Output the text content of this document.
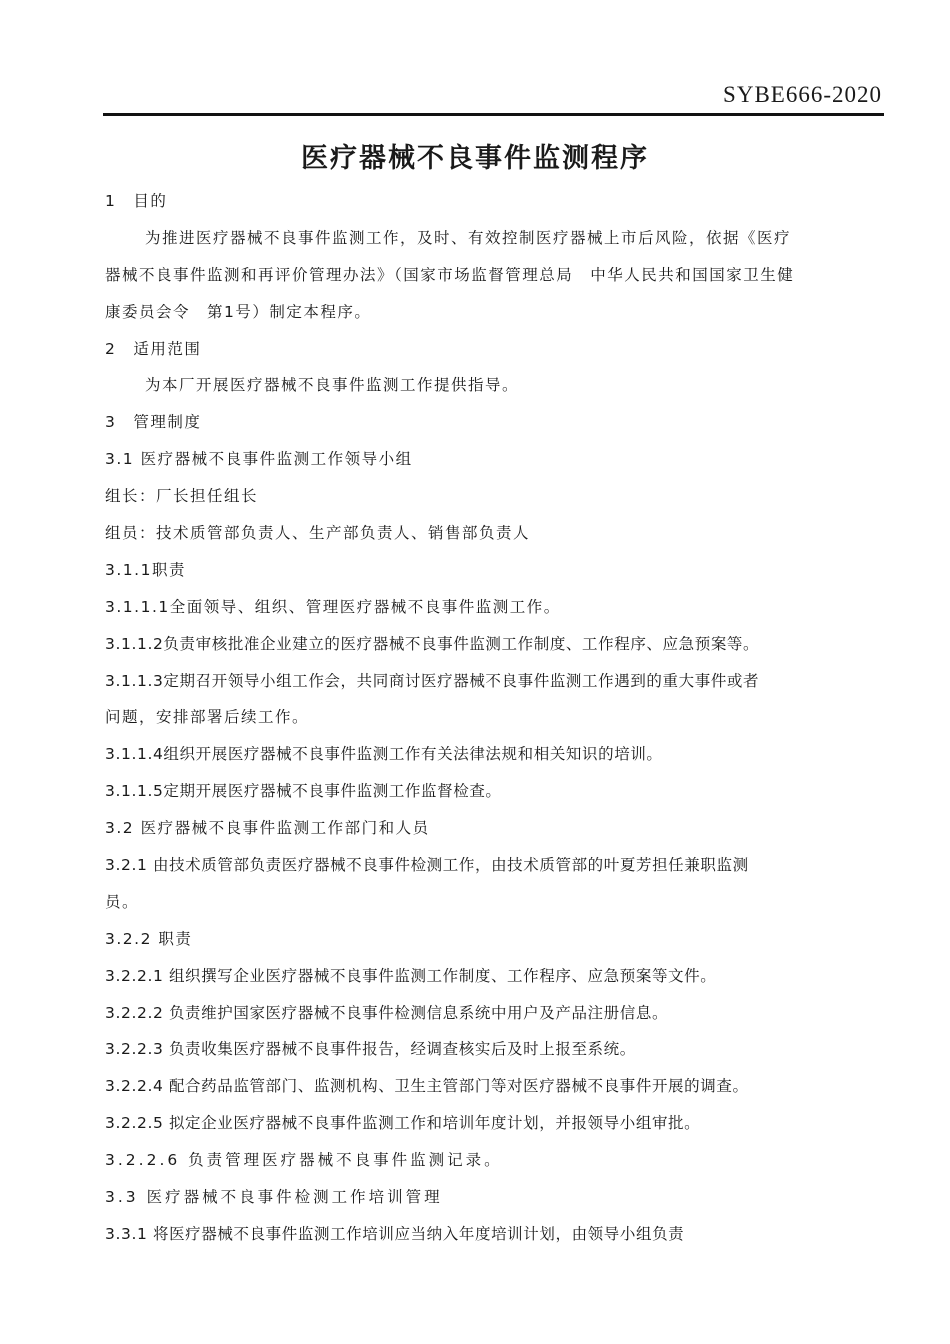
SYBE666-2020
医疗器械不良事件监测程序
1　目的
为推进医疗器械不良事件监测工作，及时、有效控制医疗器械上市后风险，依据《医疗
器械不良事件监测和再评价管理办法》（国家市场监督管理总局　中华人民共和国国家卫生健
康委员会令　第1号）制定本程序。
2　适用范围
为本厂开展医疗器械不良事件监测工作提供指导。
3　管理制度
3.1 医疗器械不良事件监测工作领导小组
组长：厂长担任组长
组员：技术质管部负责人、生产部负责人、销售部负责人
3.1.1职责
3.1.1.1全面领导、组织、管理医疗器械不良事件监测工作。
3.1.1.2负责审核批准企业建立的医疗器械不良事件监测工作制度、工作程序、应急预案等。
3.1.1.3定期召开领导小组工作会，共同商讨医疗器械不良事件监测工作遇到的重大事件或者
问题，安排部署后续工作。
3.1.1.4组织开展医疗器械不良事件监测工作有关法律法规和相关知识的培训。
3.1.1.5定期开展医疗器械不良事件监测工作监督检查。
3.2 医疗器械不良事件监测工作部门和人员
3.2.1 由技术质管部负责医疗器械不良事件检测工作，由技术质管部的叶夏芳担任兼职监测
员。
3.2.2 职责
3.2.2.1 组织撰写企业医疗器械不良事件监测工作制度、工作程序、应急预案等文件。
3.2.2.2 负责维护国家医疗器械不良事件检测信息系统中用户及产品注册信息。
3.2.2.3 负责收集医疗器械不良事件报告，经调查核实后及时上报至系统。
3.2.2.4 配合药品监管部门、监测机构、卫生主管部门等对医疗器械不良事件开展的调查。
3.2.2.5 拟定企业医疗器械不良事件监测工作和培训年度计划，并报领导小组审批。
3.2.2.6 负责管理医疗器械不良事件监测记录。
3.3 医疗器械不良事件检测工作培训管理
3.3.1 将医疗器械不良事件监测工作培训应当纳入年度培训计划，由领导小组负责
